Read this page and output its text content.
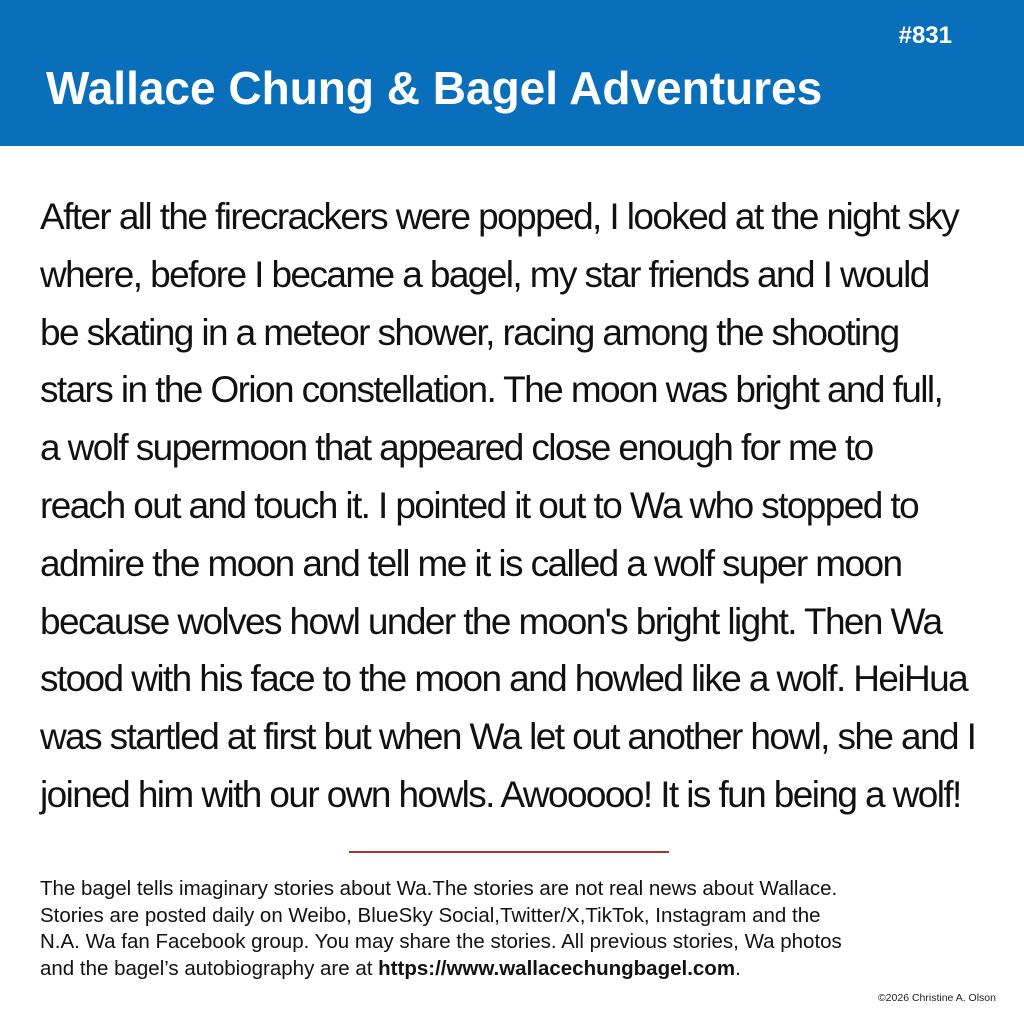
#831
Wallace Chung & Bagel Adventures
After all the firecrackers were popped, I looked at the night sky
where, before I became a bagel, my star friends and I would
be skating in a meteor shower, racing among the shooting
stars in the Orion constellation. The moon was bright and full,
a wolf supermoon that appeared close enough for me to
reach out and touch it. I pointed it out to Wa who stopped to
admire the moon and tell me it is called a wolf super moon
because wolves howl under the moon's bright light. Then Wa
stood with his face to the moon and howled like a wolf. HeiHua
was startled at first but when Wa let out another howl, she and I
joined him with our own howls. Awooooo! It is fun being a wolf!
The bagel tells imaginary stories about Wa.The stories are not real news about Wallace.
Stories are posted daily on Weibo, BlueSky Social,Twitter/X,TikTok, Instagram and the
N.A. Wa fan Facebook group. You may share the stories. All previous stories, Wa photos
and the bagel’s autobiography are at https://www.wallacechungbagel.com.
©2026 Christine A. Olson
